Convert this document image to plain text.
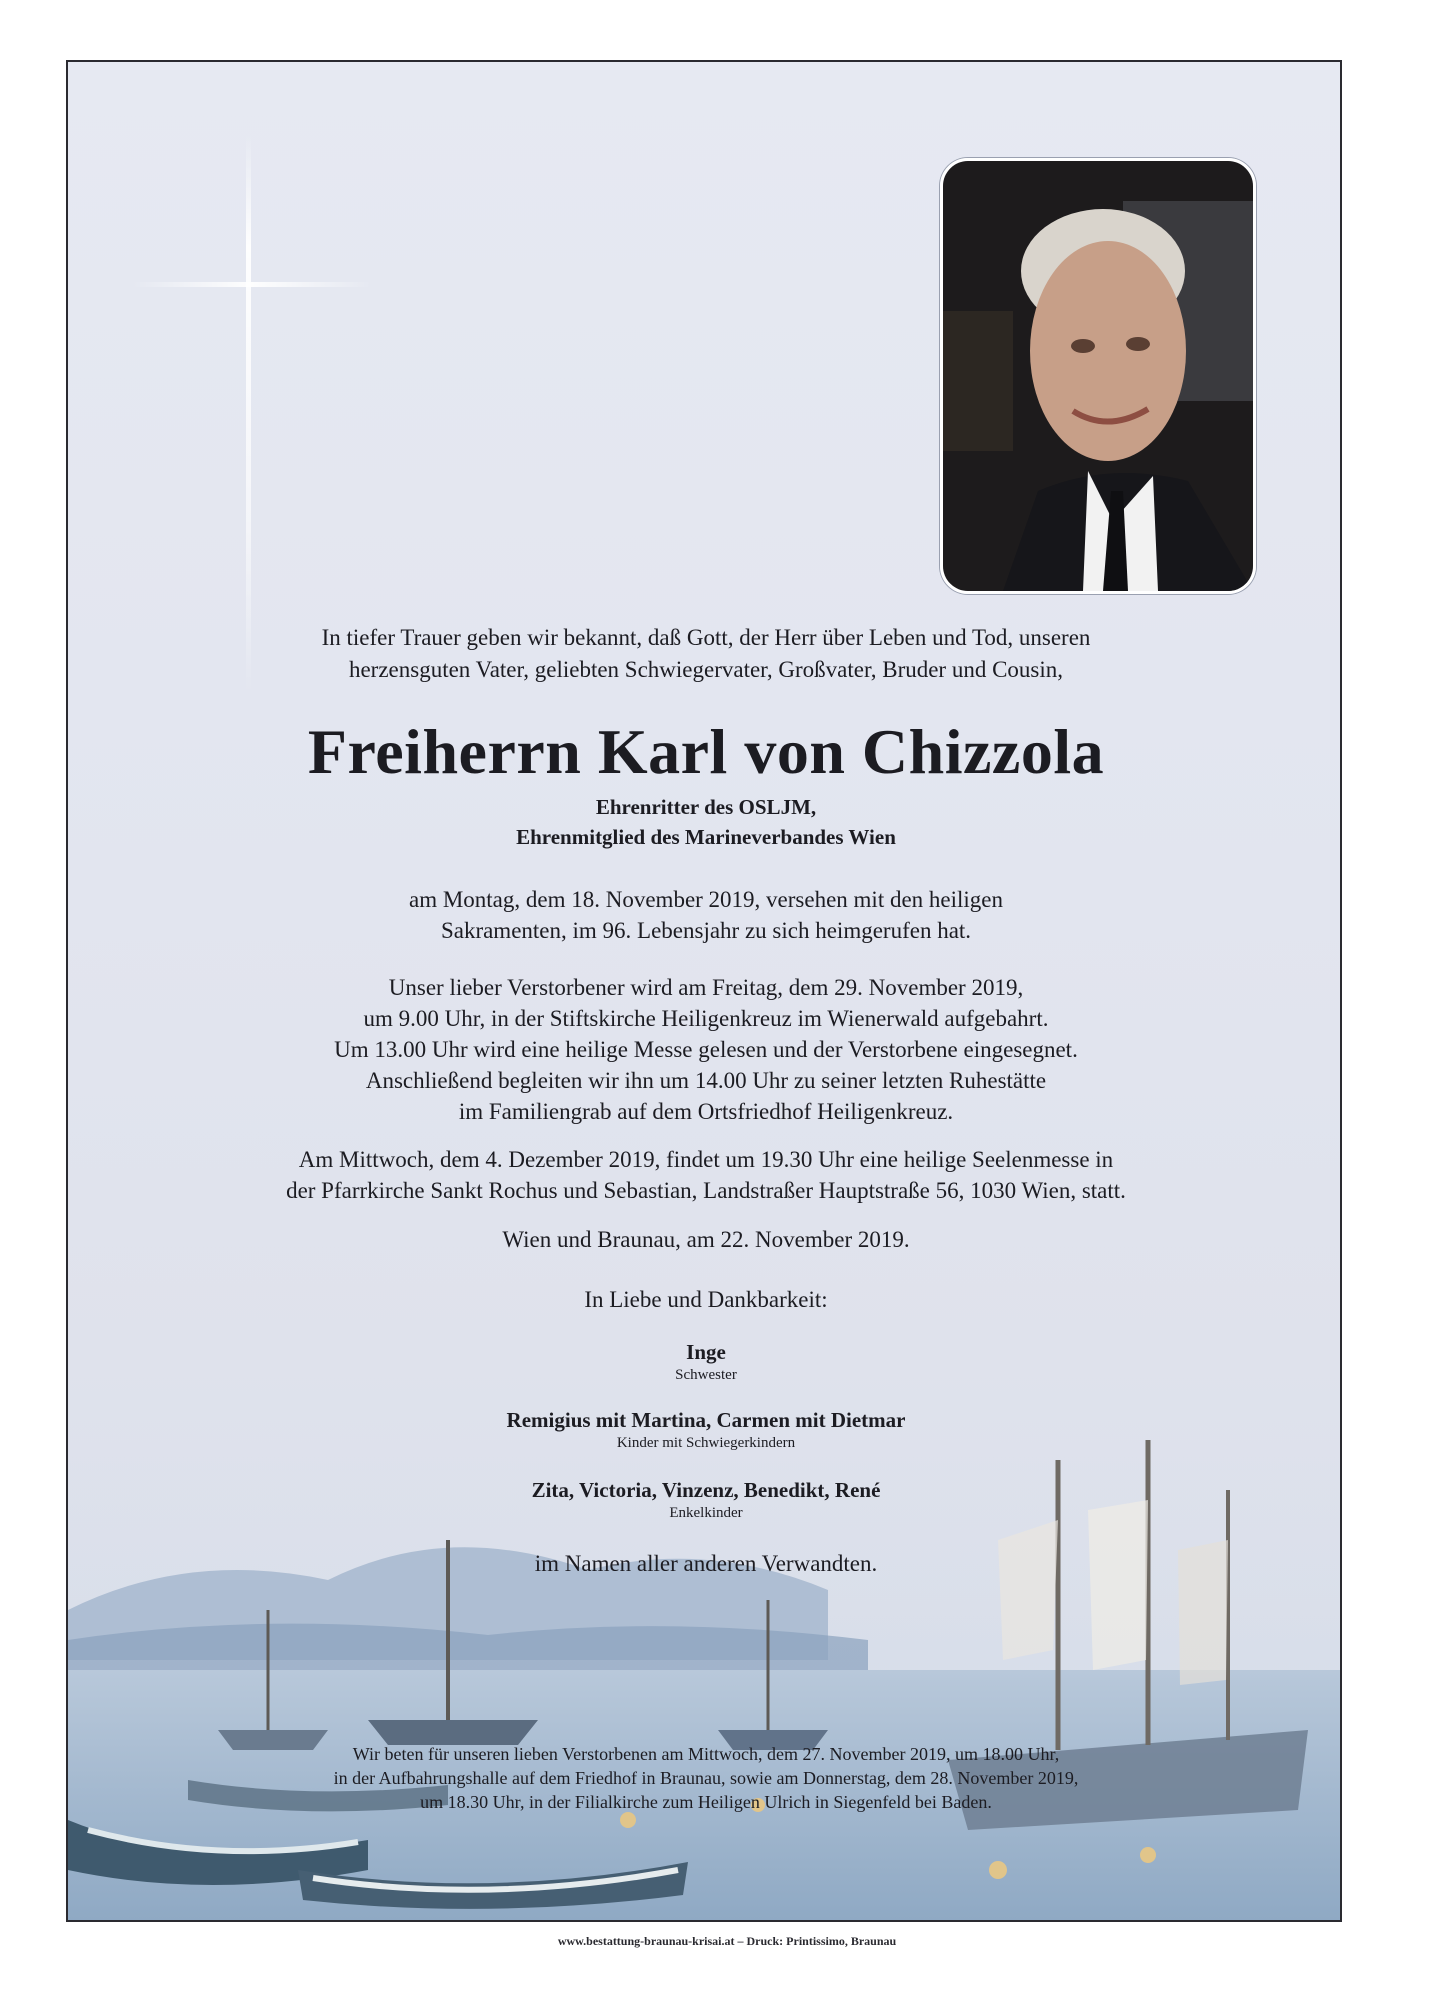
In tiefer Trauer geben wir bekannt, daß Gott, der Herr über Leben und Tod, unseren
herzensguten Vater, geliebten Schwiegervater, Großvater, Bruder und Cousin,
Freiherrn Karl von Chizzola
Ehrenritter des OSLJM,
Ehrenmitglied des Marineverbandes Wien
am Montag, dem 18. November 2019, versehen mit den heiligen
Sakramenten, im 96. Lebensjahr zu sich heimgerufen hat.
Unser lieber Verstorbener wird am Freitag, dem 29. November 2019,
um 9.00 Uhr, in der Stiftskirche Heiligenkreuz im Wienerwald aufgebahrt.
Um 13.00 Uhr wird eine heilige Messe gelesen und der Verstorbene eingesegnet.
Anschließend begleiten wir ihn um 14.00 Uhr zu seiner letzten Ruhestätte
im Familiengrab auf dem Ortsfriedhof Heiligenkreuz.
Am Mittwoch, dem 4. Dezember 2019, findet um 19.30 Uhr eine heilige Seelenmesse in
der Pfarrkirche Sankt Rochus und Sebastian, Landstraßer Hauptstraße 56, 1030 Wien, statt.
Wien und Braunau, am 22. November 2019.
In Liebe und Dankbarkeit:
Inge
Schwester
Remigius mit Martina, Carmen mit Dietmar
Kinder mit Schwiegerkindern
Zita, Victoria, Vinzenz, Benedikt, René
Enkelkinder
im Namen aller anderen Verwandten.
Wir beten für unseren lieben Verstorbenen am Mittwoch, dem 27. November 2019, um 18.00 Uhr,
in der Aufbahrungshalle auf dem Friedhof in Braunau, sowie am Donnerstag, dem 28. November 2019,
um 18.30 Uhr, in der Filialkirche zum Heiligen Ulrich in Siegenfeld bei Baden.
www.bestattung-braunau-krisai.at – Druck: Printissimo, Braunau
